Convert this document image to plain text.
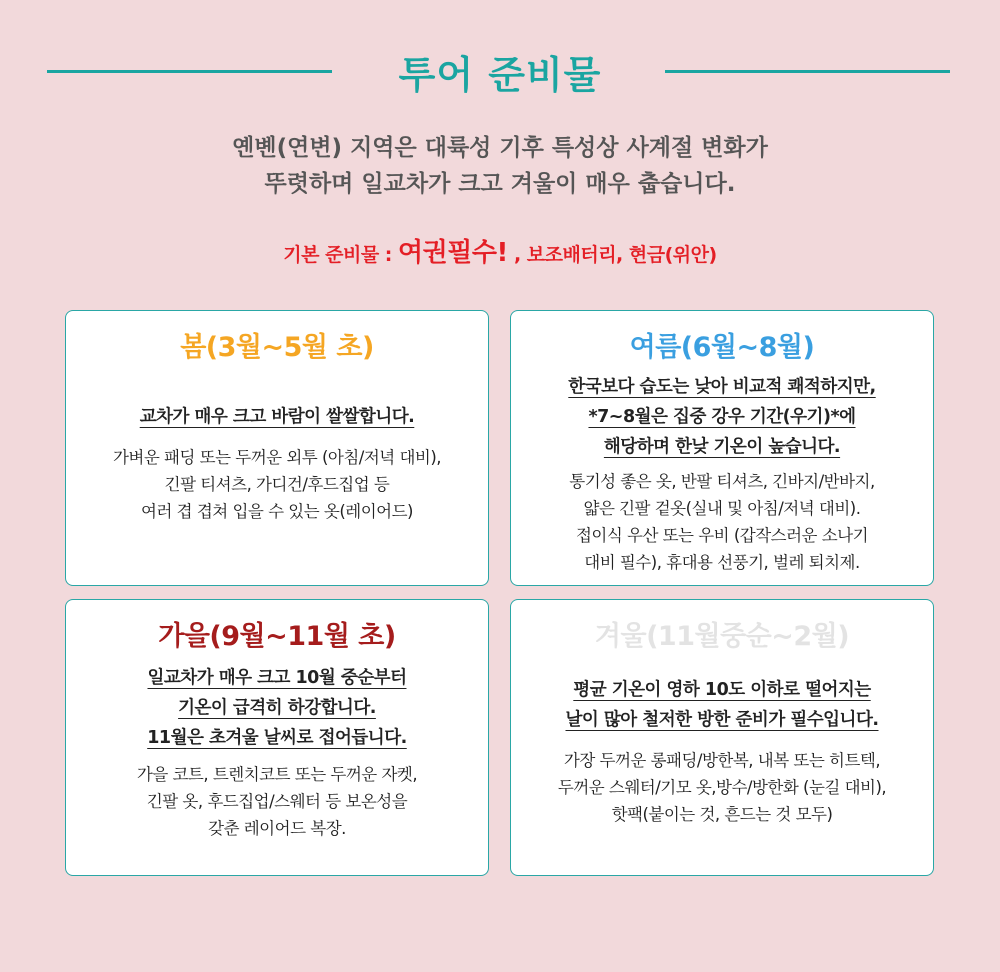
투어 준비물
옌볜(연변) 지역은 대륙성 기후 특성상 사계절 변화가
뚜렷하며 일교차가 크고 겨울이 매우 춥습니다.
기본 준비물 : 여권필수! , 보조배터리, 현금(위안)
봄(3월~5월 초)
교차가 매우 크고 바람이 쌀쌀합니다.
가벼운 패딩 또는 두꺼운 외투 (아침/저녁 대비),
긴팔 티셔츠, 가디건/후드집업 등
여러 겹 겹쳐 입을 수 있는 옷(레이어드)
여름(6월~8월)
한국보다 습도는 낮아 비교적 쾌적하지만,
*7~8월은 집중 강우 기간(우기)*에
해당하며 한낮 기온이 높습니다.
통기성 좋은 옷, 반팔 티셔츠, 긴바지/반바지,
얇은 긴팔 겉옷(실내 및 아침/저녁 대비).
접이식 우산 또는 우비 (갑작스러운 소나기
대비 필수), 휴대용 선풍기, 벌레 퇴치제.
가을(9월~11월 초)
일교차가 매우 크고 10월 중순부터
기온이 급격히 하강합니다.
11월은 초겨울 날씨로 접어듭니다.
가을 코트, 트렌치코트 또는 두꺼운 자켓,
긴팔 옷, 후드집업/스웨터 등 보온성을
갖춘 레이어드 복장.
겨울(11월중순~2월)
평균 기온이 영하 10도 이하로 떨어지는
날이 많아 철저한 방한 준비가 필수입니다.
가장 두꺼운 롱패딩/방한복, 내복 또는 히트텍,
두꺼운 스웨터/기모 옷,방수/방한화 (눈길 대비),
핫팩(붙이는 것, 흔드는 것 모두)
